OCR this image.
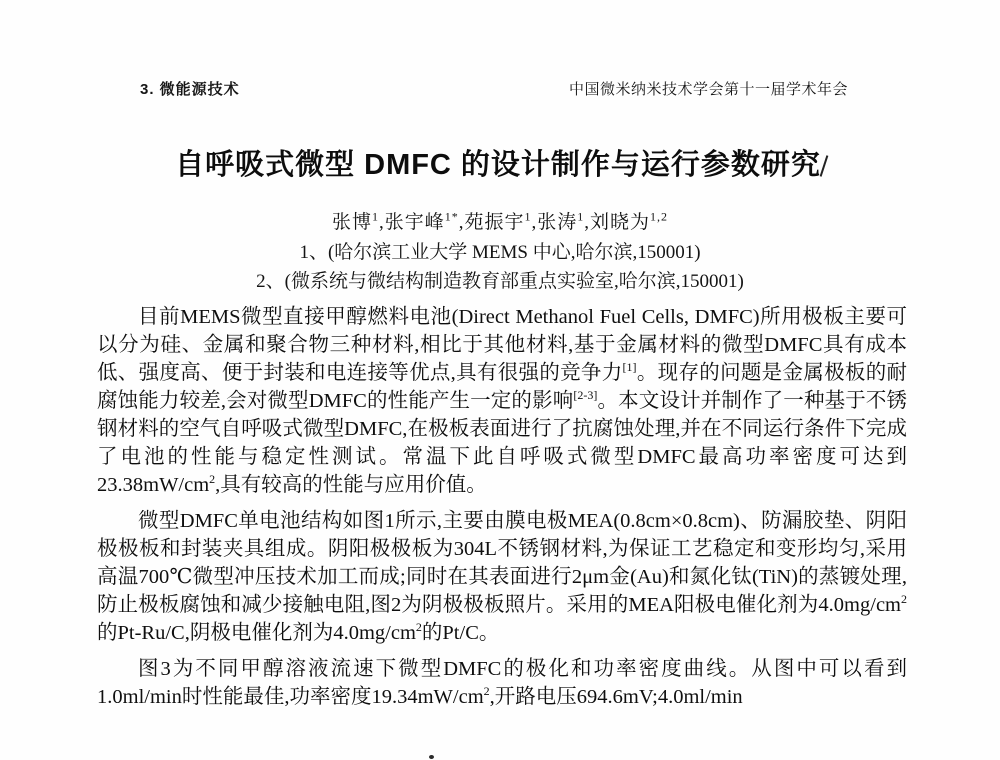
3. 微能源技术	中国微米纳米技术学会第十一届学术年会
自呼吸式微型 DMFC 的设计制作与运行参数研究
张博$^1$,张宇峰$^{1*}$,苑振宇$^1$,张涛$^1$,刘晓为$^{1,2}$
1、(哈尔滨工业大学 MEMS 中心,哈尔滨,150001)
2、(微系统与微结构制造教育部重点实验室,哈尔滨,150001)

目前MEMS微型直接甲醇燃料电池(Direct Methanol Fuel Cells, DMFC)所用极板主要可以分为硅、金属和聚合物三种材料,相比于其他材料,基于金属材料的微型DMFC具有成本低、强度高、便于封装和电连接等优点,具有很强的竞争力[1]。现存的问题是金属极板的耐腐蚀能力较差,会对微型DMFC的性能产生一定的影响[2-3]。本文设计并制作了一种基于不锈钢材料的空气自呼吸式微型DMFC,在极板表面进行了抗腐蚀处理,并在不同运行条件下完成了电池的性能与稳定性测试。常温下此自呼吸式微型DMFC最高功率密度可达到$23.38mW/cm^2$,具有较高的性能与应用价值。

微型DMFC单电池结构如图1所示,主要由膜电极MEA(0.8cm×0.8cm)、防漏胶垫、阴阳极极板和封装夹具组成。阴阳极极板为304L不锈钢材料,为保证工艺稳定和变形均匀,采用高温700℃微型冲压技术加工而成;同时在其表面进行2μm金(Au)和氮化钛(TiN)的蒸镀处理,防止极板腐蚀和减少接触电阻,图2为阴极极板照片。采用的MEA阳极电催化剂为$4.0mg/cm^2$的Pt-Ru/C,阴极电催化剂为$4.0mg/cm^2$的Pt/C。

图3为不同甲醇溶液流速下微型DMFC的极化和功率密度曲线。从图中可以看到1.0ml/min时性能最佳,功率密度$19.34mW/cm^2$,开路电压694.6mV;4.0ml/min
